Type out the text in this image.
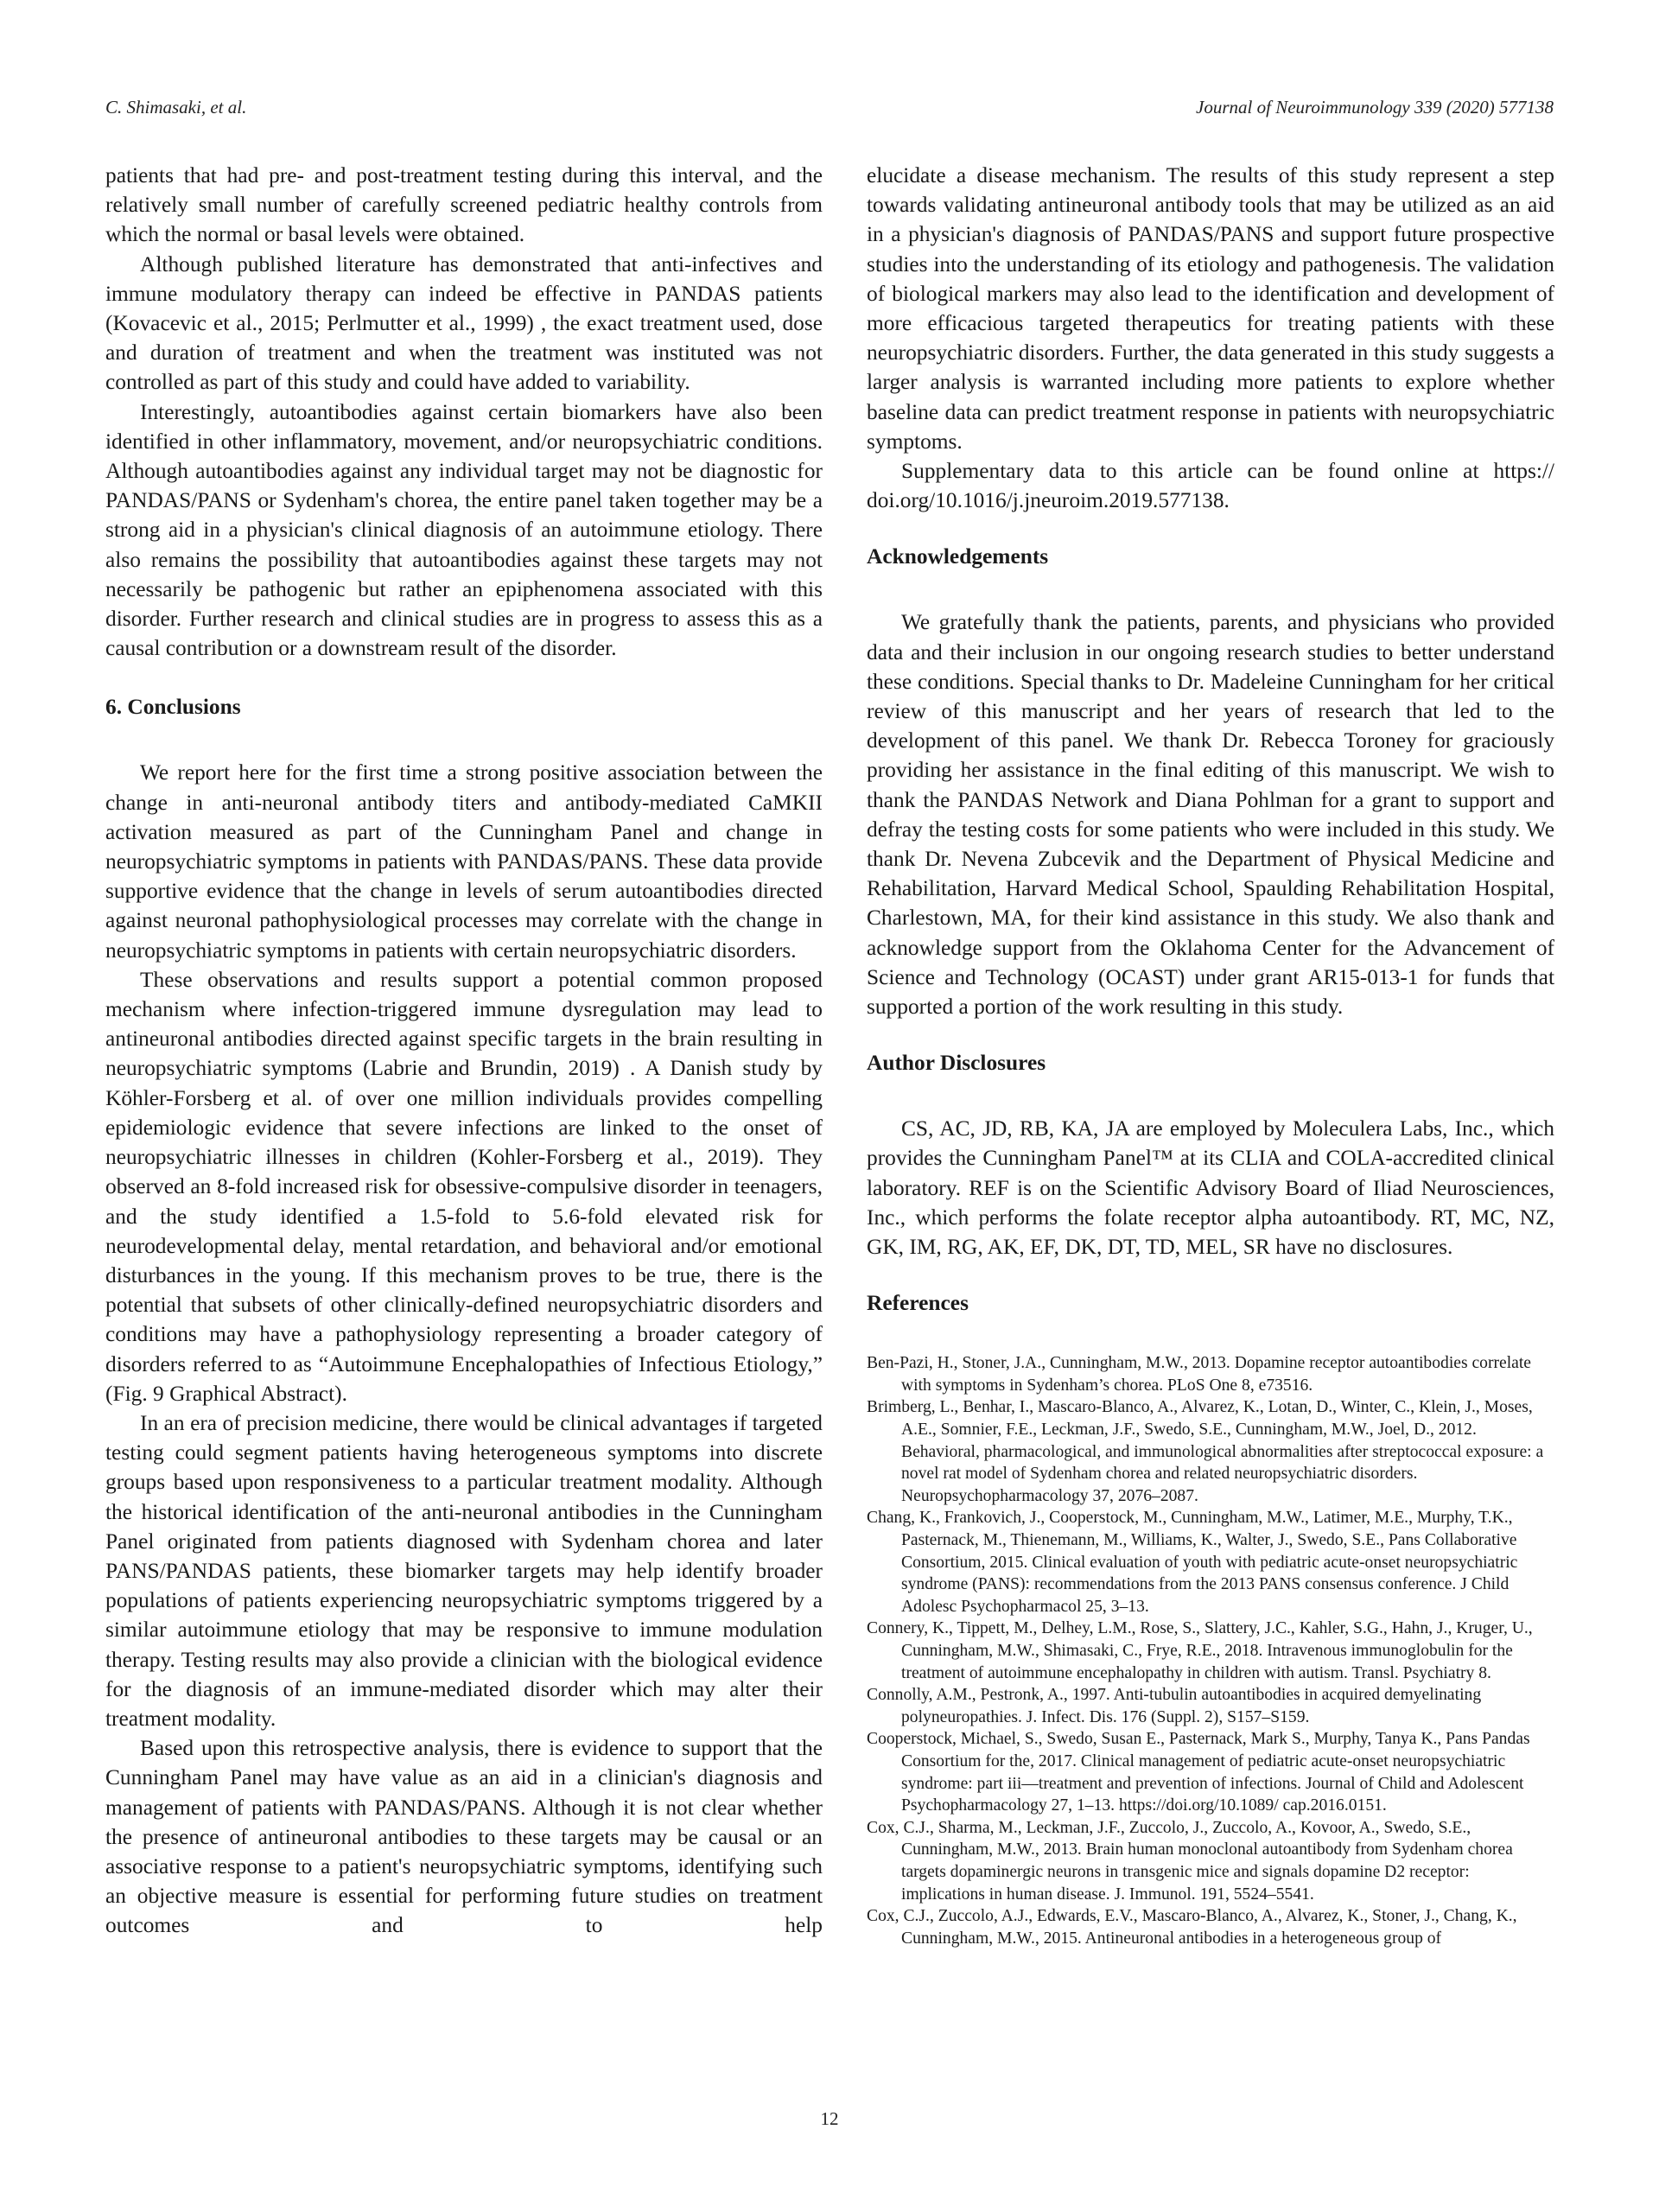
C. Shimasaki, et al.	Journal of Neuroimmunology 339 (2020) 577138

patients that had pre- and post-treatment testing during this interval, and the relatively small number of carefully screened pediatric healthy controls from which the normal or basal levels were obtained.

Although published literature has demonstrated that anti-infectives and immune modulatory therapy can indeed be effective in PANDAS patients (Kovacevic et al., 2015; Perlmutter et al., 1999) , the exact treatment used, dose and duration of treatment and when the treatment was instituted was not controlled as part of this study and could have added to variability.

Interestingly, autoantibodies against certain biomarkers have also been identified in other inflammatory, movement, and/or neuropsychiatric conditions. Although autoantibodies against any individual target may not be diagnostic for PANDAS/PANS or Sydenham's chorea, the entire panel taken together may be a strong aid in a physician's clinical diagnosis of an autoimmune etiology. There also remains the possibility that autoantibodies against these targets may not necessarily be pathogenic but rather an epiphenomena associated with this disorder. Further research and clinical studies are in progress to assess this as a causal contribution or a downstream result of the disorder.

6. Conclusions

We report here for the first time a strong positive association between the change in anti-neuronal antibody titers and antibody-mediated CaMKII activation measured as part of the Cunningham Panel and change in neuropsychiatric symptoms in patients with PANDAS/PANS. These data provide supportive evidence that the change in levels of serum autoantibodies directed against neuronal pathophysiological processes may correlate with the change in neuropsychiatric symptoms in patients with certain neuropsychiatric disorders.

These observations and results support a potential common proposed mechanism where infection-triggered immune dysregulation may lead to antineuronal antibodies directed against specific targets in the brain resulting in neuropsychiatric symptoms (Labrie and Brundin, 2019) . A Danish study by Köhler-Forsberg et al. of over one million individuals provides compelling epidemiologic evidence that severe infections are linked to the onset of neuropsychiatric illnesses in children (Kohler-Forsberg et al., 2019). They observed an 8-fold increased risk for obsessive-compulsive disorder in teenagers, and the study identified a 1.5-fold to 5.6-fold elevated risk for neurodevelopmental delay, mental retardation, and behavioral and/or emotional disturbances in the young. If this mechanism proves to be true, there is the potential that subsets of other clinically-defined neuropsychiatric disorders and conditions may have a pathophysiology representing a broader category of disorders referred to as “Autoimmune Encephalopathies of Infectious Etiology,” (Fig. 9 Graphical Abstract).

In an era of precision medicine, there would be clinical advantages if targeted testing could segment patients having heterogeneous symptoms into discrete groups based upon responsiveness to a particular treatment modality. Although the historical identification of the anti-neuronal antibodies in the Cunningham Panel originated from patients diagnosed with Sydenham chorea and later PANS/PANDAS patients, these biomarker targets may help identify broader populations of patients experiencing neuropsychiatric symptoms triggered by a similar autoimmune etiology that may be responsive to immune modulation therapy. Testing results may also provide a clinician with the biological evidence for the diagnosis of an immune-mediated disorder which may alter their treatment modality.

Based upon this retrospective analysis, there is evidence to support that the Cunningham Panel may have value as an aid in a clinician's diagnosis and management of patients with PANDAS/PANS. Although it is not clear whether the presence of antineuronal antibodies to these targets may be causal or an associative response to a patient's neuropsychiatric symptoms, identifying such an objective measure is essential for performing future studies on treatment outcomes and to help

elucidate a disease mechanism. The results of this study represent a step towards validating antineuronal antibody tools that may be utilized as an aid in a physician's diagnosis of PANDAS/PANS and support future prospective studies into the understanding of its etiology and pathogenesis. The validation of biological markers may also lead to the identification and development of more efficacious targeted therapeutics for treating patients with these neuropsychiatric disorders. Further, the data generated in this study suggests a larger analysis is warranted including more patients to explore whether baseline data can predict treatment response in patients with neuropsychiatric symptoms.

Supplementary data to this article can be found online at https:// doi.org/10.1016/j.jneuroim.2019.577138.

Acknowledgements

We gratefully thank the patients, parents, and physicians who provided data and their inclusion in our ongoing research studies to better understand these conditions. Special thanks to Dr. Madeleine Cunningham for her critical review of this manuscript and her years of research that led to the development of this panel. We thank Dr. Rebecca Toroney for graciously providing her assistance in the final editing of this manuscript. We wish to thank the PANDAS Network and Diana Pohlman for a grant to support and defray the testing costs for some patients who were included in this study. We thank Dr. Nevena Zubcevik and the Department of Physical Medicine and Rehabilitation, Harvard Medical School, Spaulding Rehabilitation Hospital, Charlestown, MA, for their kind assistance in this study. We also thank and acknowledge support from the Oklahoma Center for the Advancement of Science and Technology (OCAST) under grant AR15-013-1 for funds that supported a portion of the work resulting in this study.

Author Disclosures

CS, AC, JD, RB, KA, JA are employed by Moleculera Labs, Inc., which provides the Cunningham Panel™ at its CLIA and COLA-accredited clinical laboratory. REF is on the Scientific Advisory Board of Iliad Neurosciences, Inc., which performs the folate receptor alpha autoantibody. RT, MC, NZ, GK, IM, RG, AK, EF, DK, DT, TD, MEL, SR have no disclosures.

References
Ben-Pazi, H., Stoner, J.A., Cunningham, M.W., 2013. Dopamine receptor autoantibodies correlate with symptoms in Sydenham’s chorea. PLoS One 8, e73516.
Brimberg, L., Benhar, I., Mascaro-Blanco, A., Alvarez, K., Lotan, D., Winter, C., Klein, J., Moses, A.E., Somnier, F.E., Leckman, J.F., Swedo, S.E., Cunningham, M.W., Joel, D., 2012. Behavioral, pharmacological, and immunological abnormalities after streptococcal exposure: a novel rat model of Sydenham chorea and related neuropsychiatric disorders. Neuropsychopharmacology 37, 2076–2087.
Chang, K., Frankovich, J., Cooperstock, M., Cunningham, M.W., Latimer, M.E., Murphy, T.K., Pasternack, M., Thienemann, M., Williams, K., Walter, J., Swedo, S.E., Pans Collaborative Consortium, 2015. Clinical evaluation of youth with pediatric acute-onset neuropsychiatric syndrome (PANS): recommendations from the 2013 PANS consensus conference. J Child Adolesc Psychopharmacol 25, 3–13.
Connery, K., Tippett, M., Delhey, L.M., Rose, S., Slattery, J.C., Kahler, S.G., Hahn, J., Kruger, U., Cunningham, M.W., Shimasaki, C., Frye, R.E., 2018. Intravenous immunoglobulin for the treatment of autoimmune encephalopathy in children with autism. Transl. Psychiatry 8.
Connolly, A.M., Pestronk, A., 1997. Anti-tubulin autoantibodies in acquired demyelinating polyneuropathies. J. Infect. Dis. 176 (Suppl. 2), S157–S159.
Cooperstock, Michael, S., Swedo, Susan E., Pasternack, Mark S., Murphy, Tanya K., Pans Pandas Consortium for the, 2017. Clinical management of pediatric acute-onset neuropsychiatric syndrome: part iii—treatment and prevention of infections. Journal of Child and Adolescent Psychopharmacology 27, 1–13. https://doi.org/10.1089/ cap.2016.0151.
Cox, C.J., Sharma, M., Leckman, J.F., Zuccolo, J., Zuccolo, A., Kovoor, A., Swedo, S.E., Cunningham, M.W., 2013. Brain human monoclonal autoantibody from Sydenham chorea targets dopaminergic neurons in transgenic mice and signals dopamine D2 receptor: implications in human disease. J. Immunol. 191, 5524–5541.
Cox, C.J., Zuccolo, A.J., Edwards, E.V., Mascaro-Blanco, A., Alvarez, K., Stoner, J., Chang, K., Cunningham, M.W., 2015. Antineuronal antibodies in a heterogeneous group of
12
